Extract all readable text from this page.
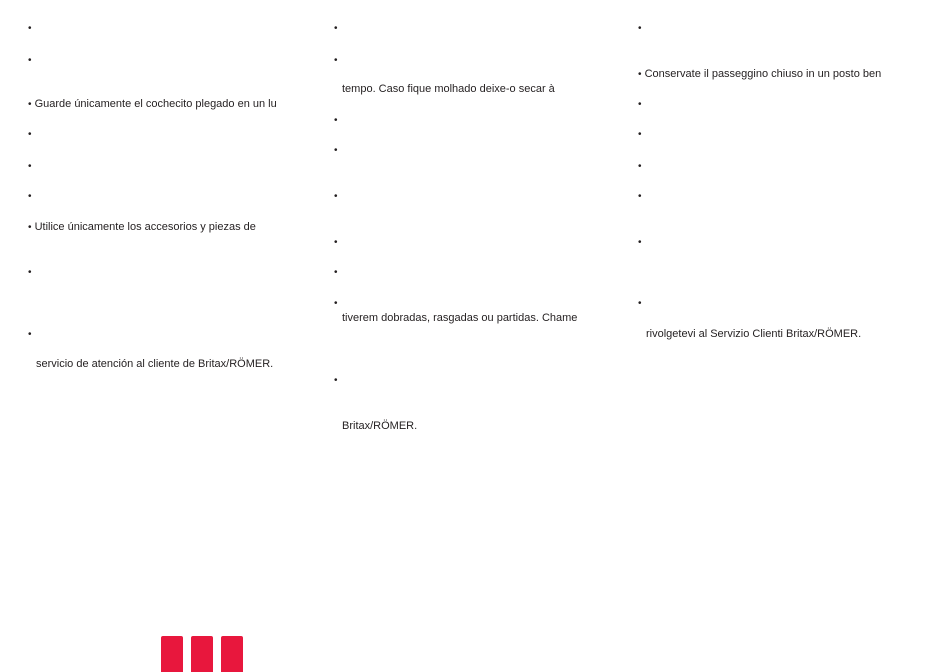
•
•
• Guarde únicamente el cochecito plegado en un lu
•
•
•
• Utilice únicamente los accesorios y piezas de
•
•
servicio de atención al cliente de Britax/RÖMER.
•
•
tempo. Caso fique molhado deixe-o secar à
•
•
•
•
•
•
tiverem dobradas, rasgadas ou partidas. Chame
•
Britax/RÖMER.
•
• Conservate il passeggino chiuso in un posto ben
•
•
•
•
•
•
rivolgetevi al Servizio Clienti Britax/RÖMER.
